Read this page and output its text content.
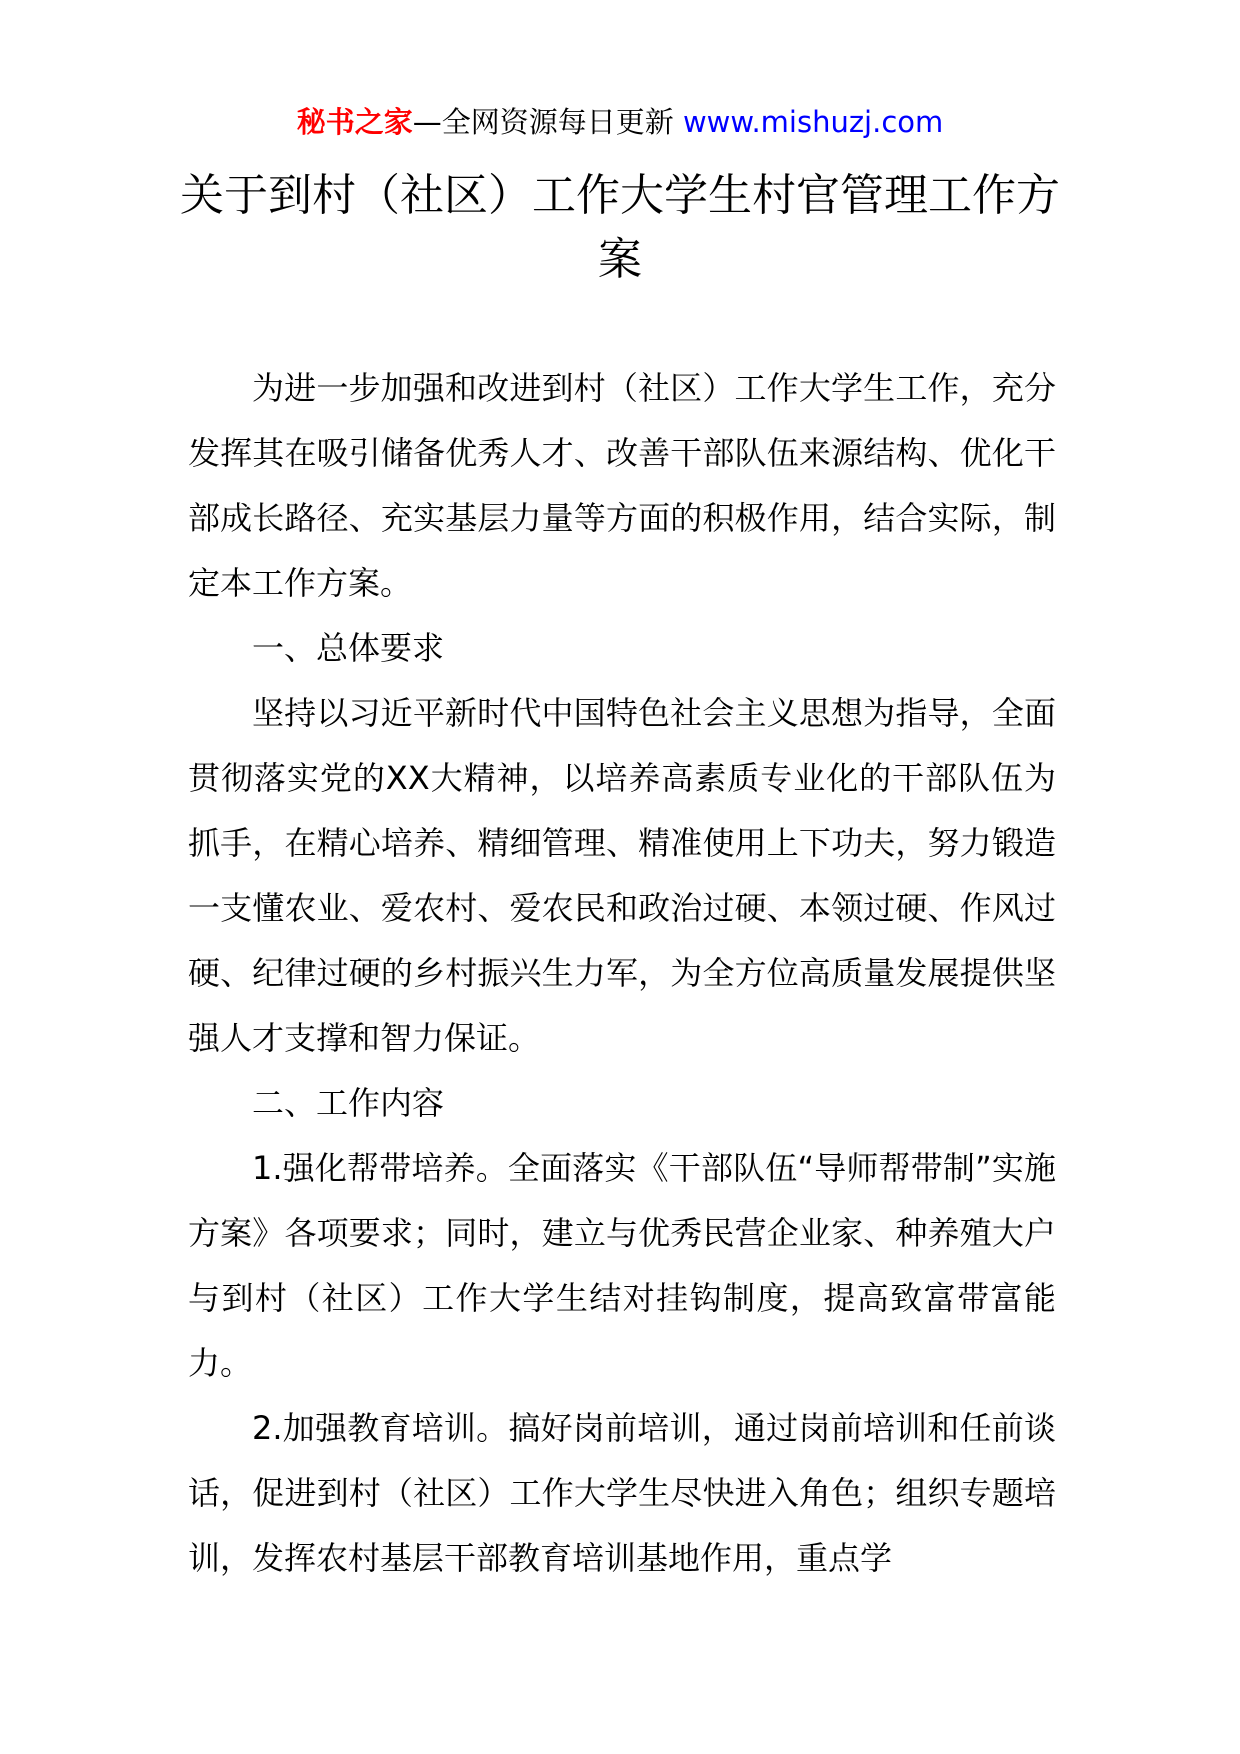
秘书之家—全网资源每日更新 www.mishuzj.com
关于到村（社区）工作大学生村官管理工作方案

为进一步加强和改进到村（社区）工作大学生工作，充分发挥其在吸引储备优秀人才、改善干部队伍来源结构、优化干部成长路径、充实基层力量等方面的积极作用，结合实际，制定本工作方案。

一、总体要求

坚持以习近平新时代中国特色社会主义思想为指导，全面贯彻落实党的XX大精神，以培养高素质专业化的干部队伍为抓手，在精心培养、精细管理、精准使用上下功夫，努力锻造一支懂农业、爱农村、爱农民和政治过硬、本领过硬、作风过硬、纪律过硬的乡村振兴生力军，为全方位高质量发展提供坚强人才支撑和智力保证。

二、工作内容

1.强化帮带培养。全面落实《干部队伍“导师帮带制”实施方案》各项要求；同时，建立与优秀民营企业家、种养殖大户与到村（社区）工作大学生结对挂钩制度，提高致富带富能力。

2.加强教育培训。搞好岗前培训，通过岗前培训和任前谈话，促进到村（社区）工作大学生尽快进入角色；组织专题培训，发挥农村基层干部教育培训基地作用，重点学
